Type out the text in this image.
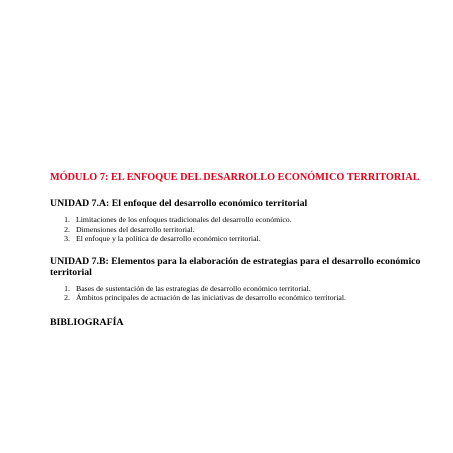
MÓDULO 7: EL ENFOQUE DEL DESARROLLO ECONÓMICO TERRITORIAL
UNIDAD 7.A: El enfoque del desarrollo económico territorial
1. Limitaciones de los enfoques tradicionales del desarrollo económico.
2. Dimensiones del desarrollo territorial.
3. El enfoque y la política de desarrollo económico territorial.
UNIDAD 7.B: Elementos para la elaboración de estrategias para el desarrollo económico territorial
1. Bases de sustentación de las estrategias de desarrollo económico territorial.
2. Ámbitos principales de actuación de las iniciativas de desarrollo económico territorial.
BIBLIOGRAFÍA
